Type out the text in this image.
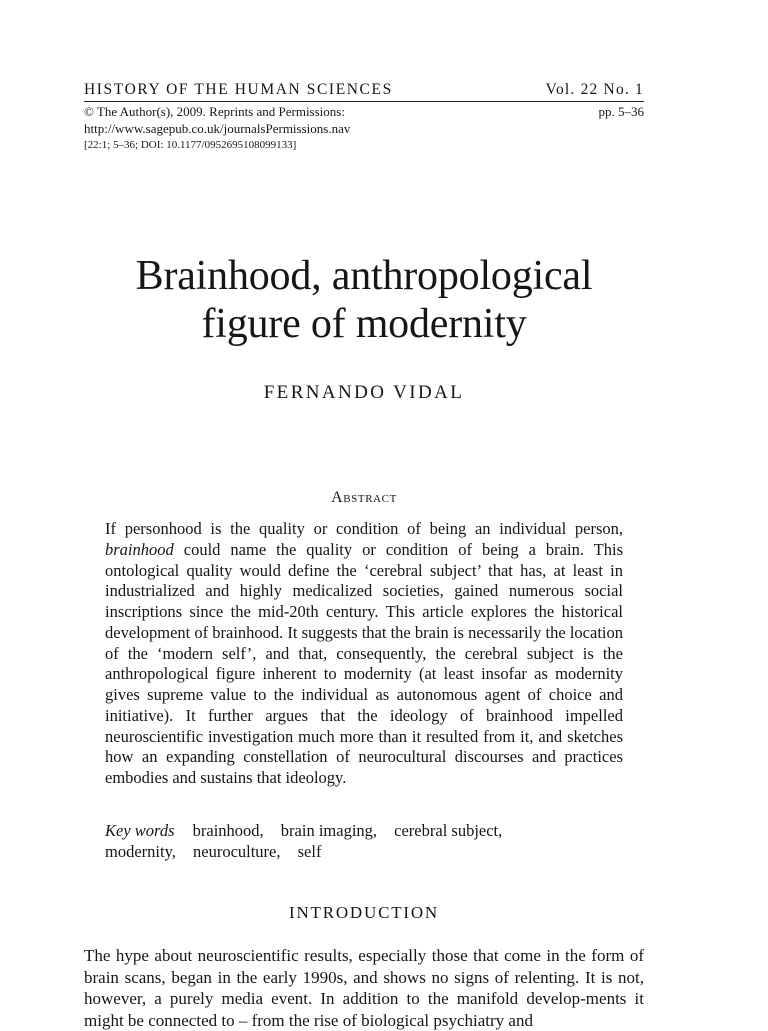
HISTORY OF THE HUMAN SCIENCES	Vol. 22 No. 1
© The Author(s), 2009. Reprints and Permissions:	pp. 5–36
http://www.sagepub.co.uk/journalsPermissions.nav
[22:1; 5–36; DOI: 10.1177/0952695108099133]
Brainhood, anthropological
figure of modernity
FERNANDO VIDAL
Abstract

If personhood is the quality or condition of being an individual person, brainhood could name the quality or condition of being a brain. This ontological quality would define the ‘cerebral subject’ that has, at least in industrialized and highly medicalized societies, gained numerous social inscriptions since the mid-20th century. This article explores the historical development of brainhood. It suggests that the brain is necessarily the location of the ‘modern self’, and that, consequently, the cerebral subject is the anthropological figure inherent to modernity (at least insofar as modernity gives supreme value to the individual as autonomous agent of choice and initiative). It further argues that the ideology of brainhood impelled neuroscientific investigation much more than it resulted from it, and sketches how an expanding constellation of neurocultural discourses and practices embodies and sustains that ideology.

Key words brainhood, brain imaging, cerebral subject,
modernity, neuroculture, self
INTRODUCTION

The hype about neuroscientific results, especially those that come in the form of brain scans, began in the early 1990s, and shows no signs of relenting. It is not, however, a purely media event. In addition to the manifold develop-ments it might be connected to – from the rise of biological psychiatry and
